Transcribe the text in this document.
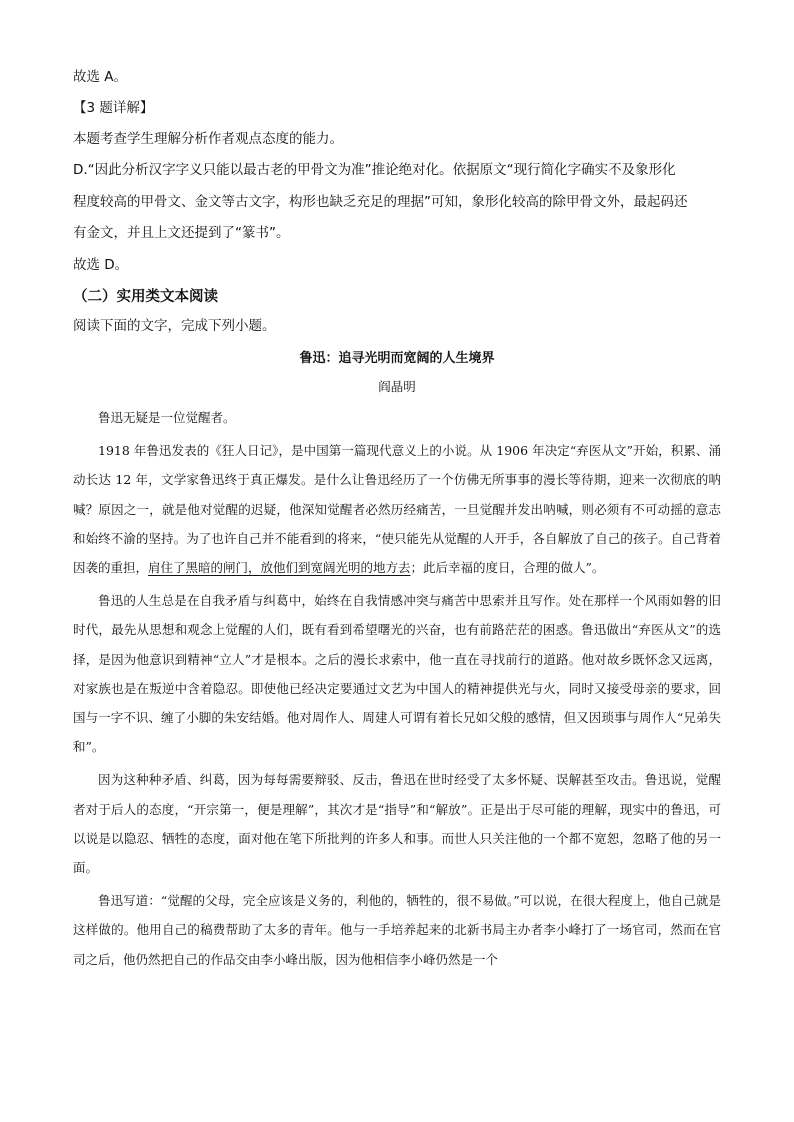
故选 A。

【3 题详解】

本题考查学生理解分析作者观点态度的能力。

D.“因此分析汉字字义只能以最古老的甲骨文为准”推论绝对化。依据原文“现行简化字确实不及象形化
程度较高的甲骨文、金文等古文字，构形也缺乏充足的理据”可知，象形化较高的除甲骨文外，最起码还
有金文，并且上文还提到了“篆书”。

故选 D。

（二）实用类文本阅读

阅读下面的文字，完成下列小题。

鲁迅：追寻光明而宽阔的人生境界

阎晶明

鲁迅无疑是一位觉醒者。

1918 年鲁迅发表的《狂人日记》，是中国第一篇现代意义上的小说。从 1906 年决定“弃医从文”开始，积累、涌动长达 12 年，文学家鲁迅终于真正爆发。是什么让鲁迅经历了一个仿佛无所事事的漫长等待期，迎来一次彻底的呐喊？原因之一，就是他对觉醒的迟疑，他深知觉醒者必然历经痛苦，一旦觉醒并发出呐喊，则必须有不可动摇的意志和始终不渝的坚持。为了也许自己并不能看到的将来，“使只能先从觉醒的人开手，各自解放了自己的孩子。自己背着因袭的重担，肩住了黑暗的闸门，放他们到宽阔光明的地方去；此后幸福的度日，合理的做人”。

鲁迅的人生总是在自我矛盾与纠葛中，始终在自我情感冲突与痛苦中思索并且写作。处在那样一个风雨如磐的旧时代，最先从思想和观念上觉醒的人们，既有看到希望曙光的兴奋，也有前路茫茫的困惑。鲁迅做出“弃医从文”的选择，是因为他意识到精神“立人”才是根本。之后的漫长求索中，他一直在寻找前行的道路。他对故乡既怀念又远离，对家族也是在叛逆中含着隐忍。即使他已经决定要通过文艺为中国人的精神提供光与火，同时又接受母亲的要求，回国与一字不识、缠了小脚的朱安结婚。他对周作人、周建人可谓有着长兄如父般的感情，但又因琐事与周作人“兄弟失和”。

因为这种种矛盾、纠葛，因为每每需要辩驳、反击，鲁迅在世时经受了太多怀疑、误解甚至攻击。鲁迅说，觉醒者对于后人的态度，“开宗第一，便是理解”，其次才是“指导”和“解放”。正是出于尽可能的理解，现实中的鲁迅，可以说是以隐忍、牺牲的态度，面对他在笔下所批判的许多人和事。而世人只关注他的一个都不宽恕，忽略了他的另一面。

鲁迅写道：“觉醒的父母，完全应该是义务的，利他的，牺牲的，很不易做。”可以说，在很大程度上，他自己就是这样做的。他用自己的稿费帮助了太多的青年。他与一手培养起来的北新书局主办者李小峰打了一场官司，然而在官司之后，他仍然把自己的作品交由李小峰出版，因为他相信李小峰仍然是一个
